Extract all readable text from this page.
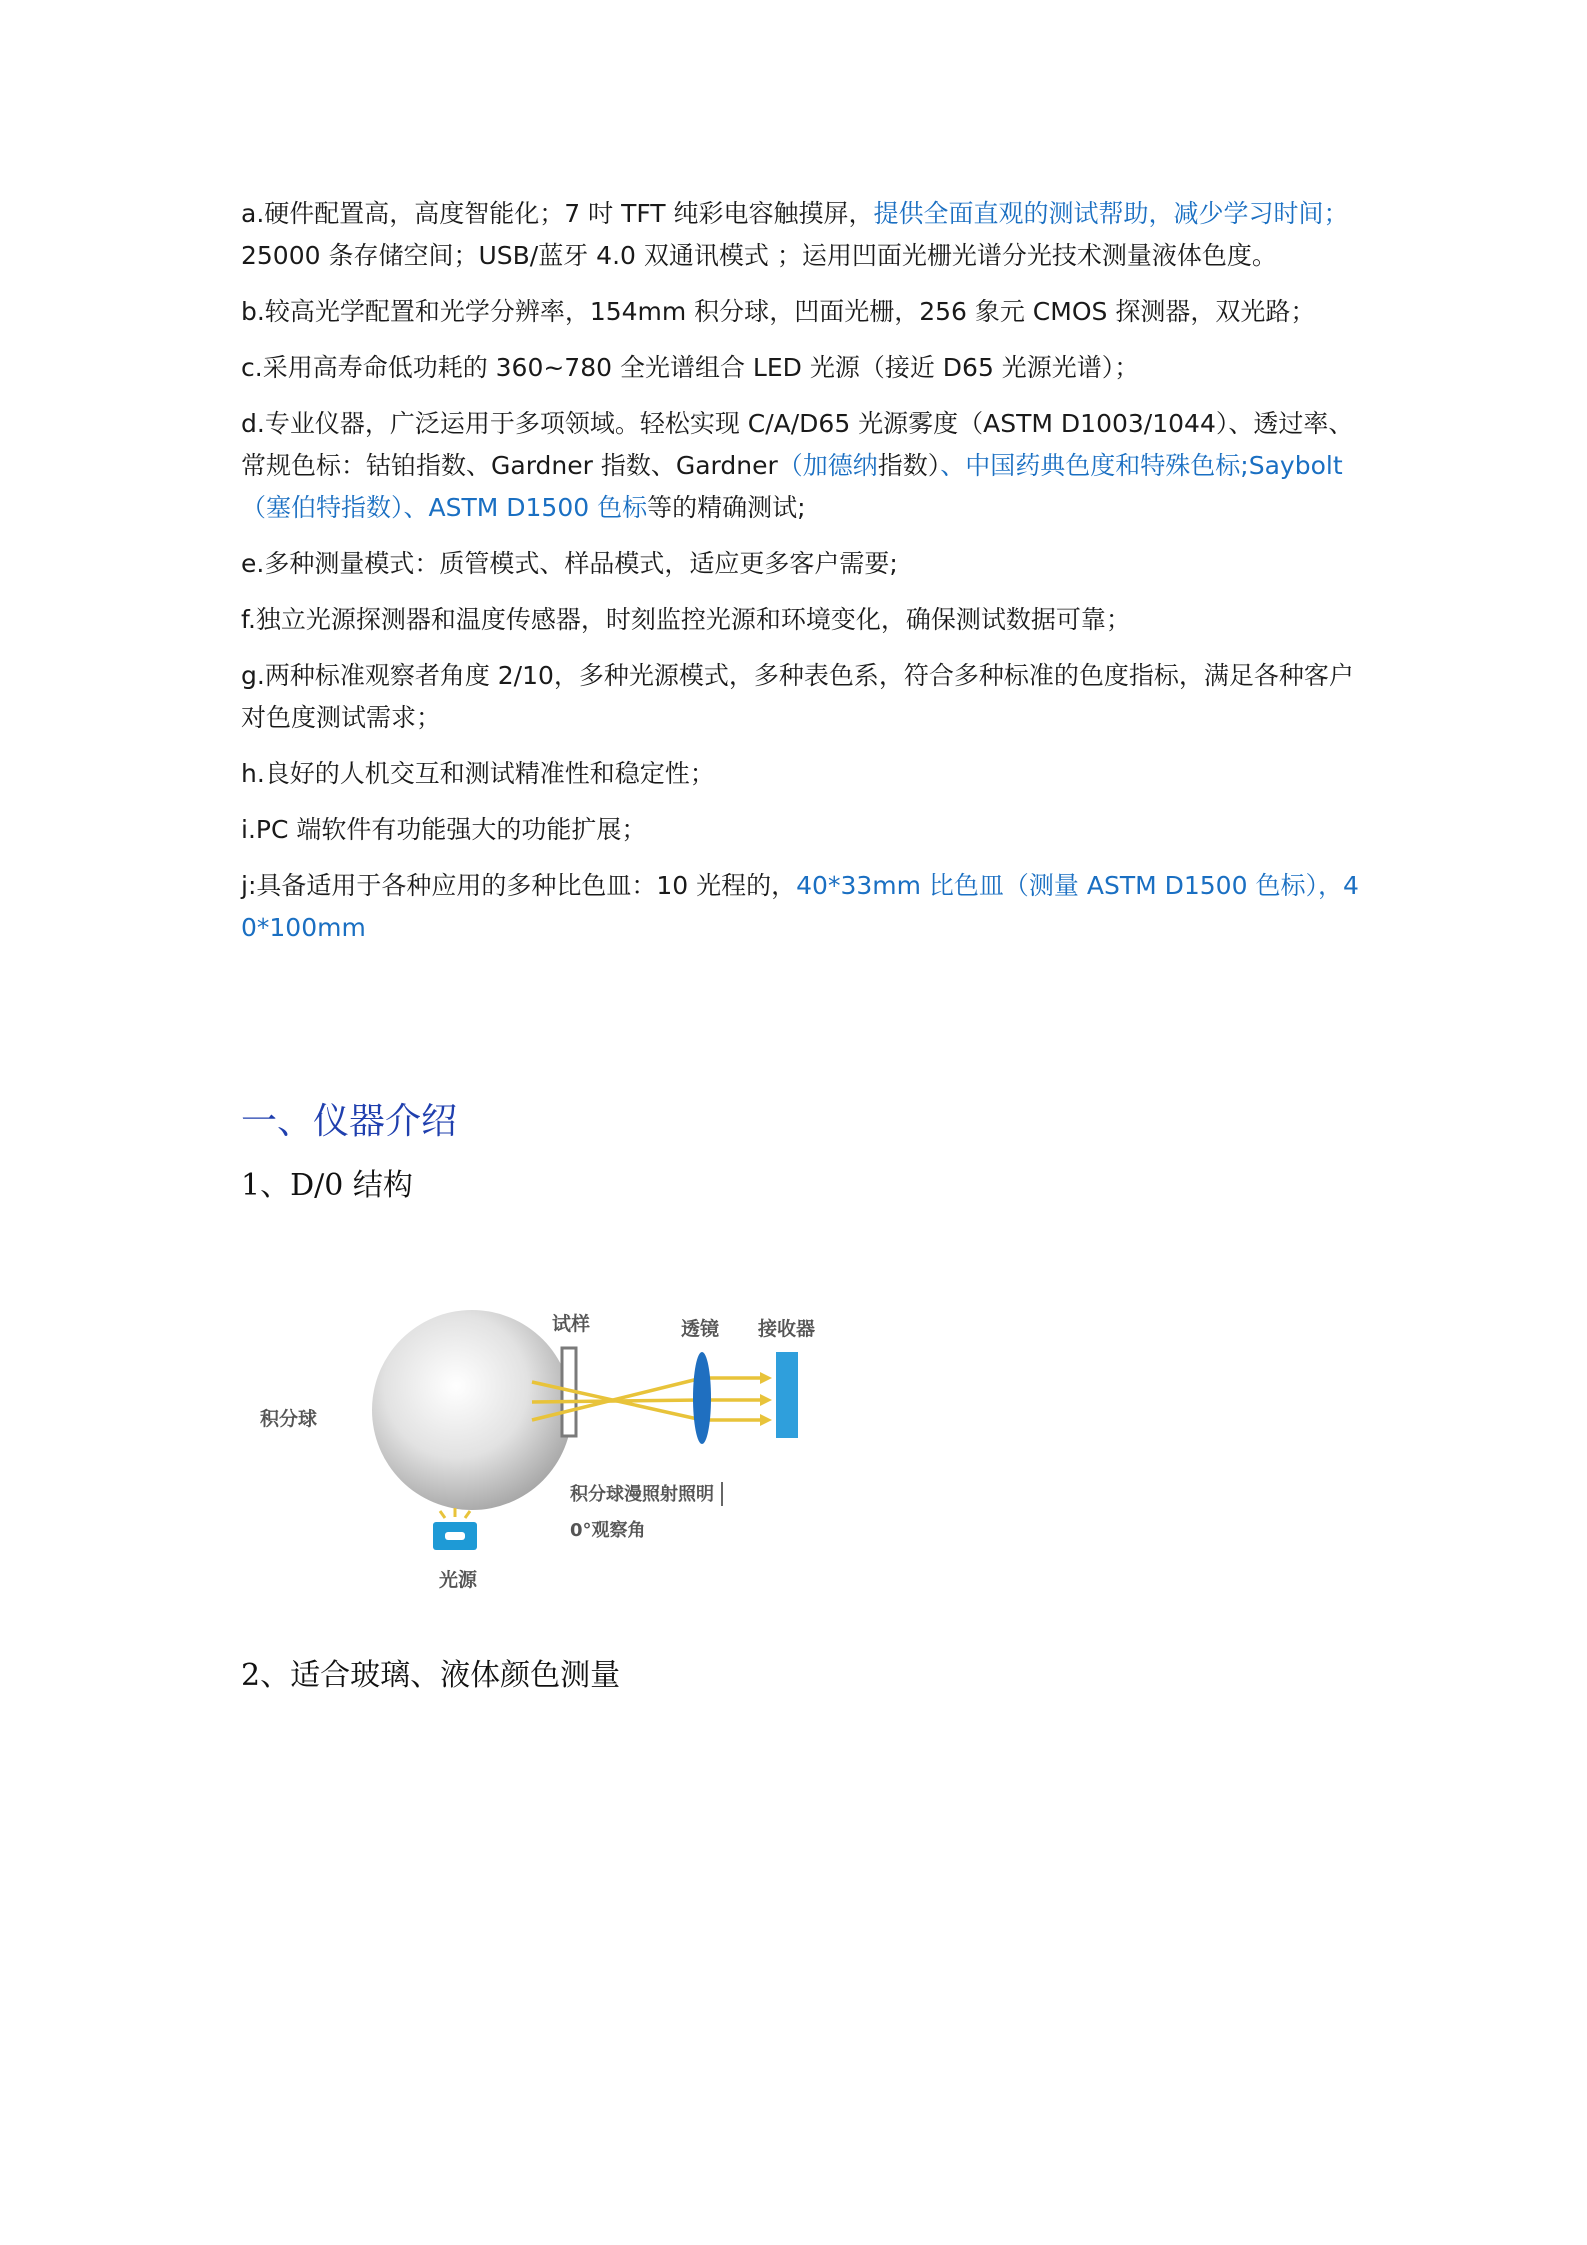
a.硬件配置高，高度智能化；7 吋 TFT 纯彩电容触摸屏，提供全面直观的测试帮助，减少学习时间；25000 条存储空间；USB/蓝牙 4.0 双通讯模式 ；运用凹面光栅光谱分光技术测量液体色度。

b.较高光学配置和光学分辨率，154mm 积分球，凹面光栅，256 象元 CMOS 探测器，双光路；

c.采用高寿命低功耗的 360~780 全光谱组合 LED 光源（接近 D65 光源光谱）；

d.专业仪器，广泛运用于多项领域。轻松实现 C/A/D65 光源雾度（ASTM D1003/1044）、透过率、常规色标：钴铂指数、Gardner 指数、Gardner（加德纳指数）、中国药典色度和特殊色标;Saybolt（塞伯特指数）、ASTM D1500 色标等的精确测试;

e.多种测量模式：质管模式、样品模式，适应更多客户需要;

f.独立光源探测器和温度传感器，时刻监控光源和环境变化，确保测试数据可靠；

g.两种标准观察者角度 2/10，多种光源模式，多种表色系，符合多种标准的色度指标，满足各种客户对色度测试需求；

h.良好的人机交互和测试精准性和稳定性；

i.PC 端软件有功能强大的功能扩展；

j:具备适用于各种应用的多种比色皿：10 光程的，40*33mm 比色皿（测量 ASTM D1500 色标），40*100mm

一、仪器介绍
1、D/0 结构
积分球
试样	透镜 接收器
光源
积分球漫照射照明
0°观察角
2、适合玻璃、液体颜色测量
